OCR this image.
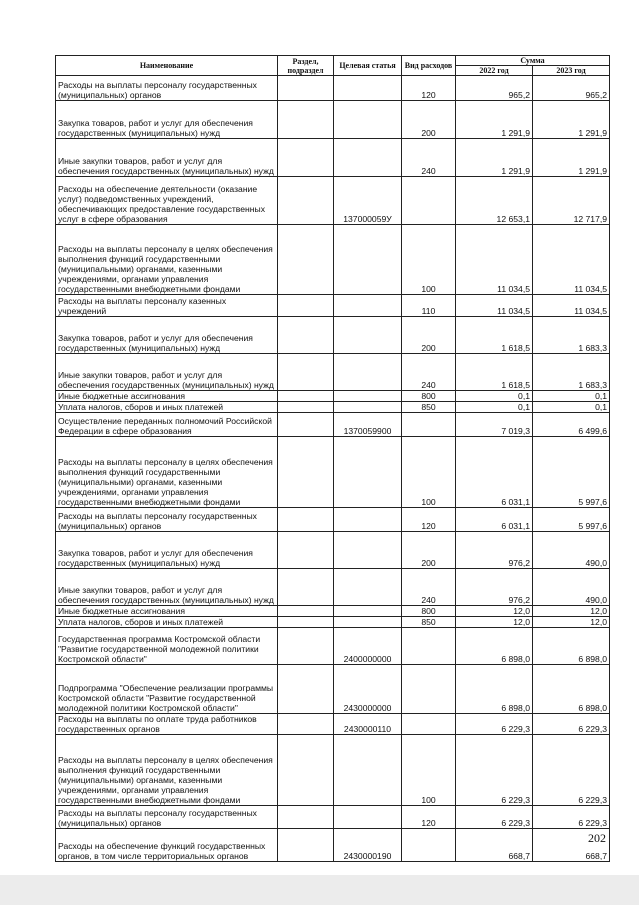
Наименование	Раздел, подраздел	Целевая статья	Вид расходов	Сумма	
				2022 год	2023 год
Расходы на выплаты персоналу государственных (муниципальных) органов			120	965,2	965,2
Закупка товаров, работ и услуг для обеспечения государственных (муниципальных) нужд			200	1 291,9	1 291,9
Иные закупки товаров, работ и услуг для обеспечения государственных (муниципальных) нужд			240	1 291,9	1 291,9
Расходы на обеспечение деятельности (оказание услуг) подведомственных учреждений, обеспечивающих предоставление государственных услуг в сфере образования		137000059У		12 653,1	12 717,9
Расходы на выплаты персоналу в целях обеспечения выполнения функций государственными (муниципальными) органами, казенными учреждениями, органами управления государственными внебюджетными фондами			100	11 034,5	11 034,5
Расходы на выплаты персоналу казенных учреждений			110	11 034,5	11 034,5
Закупка товаров, работ и услуг для обеспечения государственных (муниципальных) нужд			200	1 618,5	1 683,3
Иные закупки товаров, работ и услуг для обеспечения государственных (муниципальных) нужд			240	1 618,5	1 683,3
Иные бюджетные ассигнования			800	0,1	0,1
Уплата налогов, сборов и иных платежей			850	0,1	0,1
Осуществление переданных полномочий Российской Федерации в сфере образования		1370059900		7 019,3	6 499,6
Расходы на выплаты персоналу в целях обеспечения выполнения функций государственными (муниципальными) органами, казенными учреждениями, органами управления государственными внебюджетными фондами			100	6 031,1	5 997,6
Расходы на выплаты персоналу государственных (муниципальных) органов			120	6 031,1	5 997,6
Закупка товаров, работ и услуг для обеспечения государственных (муниципальных) нужд			200	976,2	490,0
Иные закупки товаров, работ и услуг для обеспечения государственных (муниципальных) нужд			240	976,2	490,0
Иные бюджетные ассигнования			800	12,0	12,0
Уплата налогов, сборов и иных платежей			850	12,0	12,0
Государственная программа Костромской области "Развитие государственной молодежной политики Костромской области"		2400000000		6 898,0	6 898,0
Подпрограмма "Обеспечение реализации программы Костромской области "Развитие государственной молодежной политики Костромской области"		2430000000		6 898,0	6 898,0
Расходы на выплаты по оплате труда работников государственных органов		2430000110		6 229,3	6 229,3
Расходы на выплаты персоналу в целях обеспечения выполнения функций государственными (муниципальными) органами, казенными учреждениями, органами управления государственными внебюджетными фондами			100	6 229,3	6 229,3
Расходы на выплаты персоналу государственных (муниципальных) органов			120	6 229,3	6 229,3
Расходы на обеспечение функций государственных органов, в том числе территориальных органов		2430000190		668,7	668,7
202
